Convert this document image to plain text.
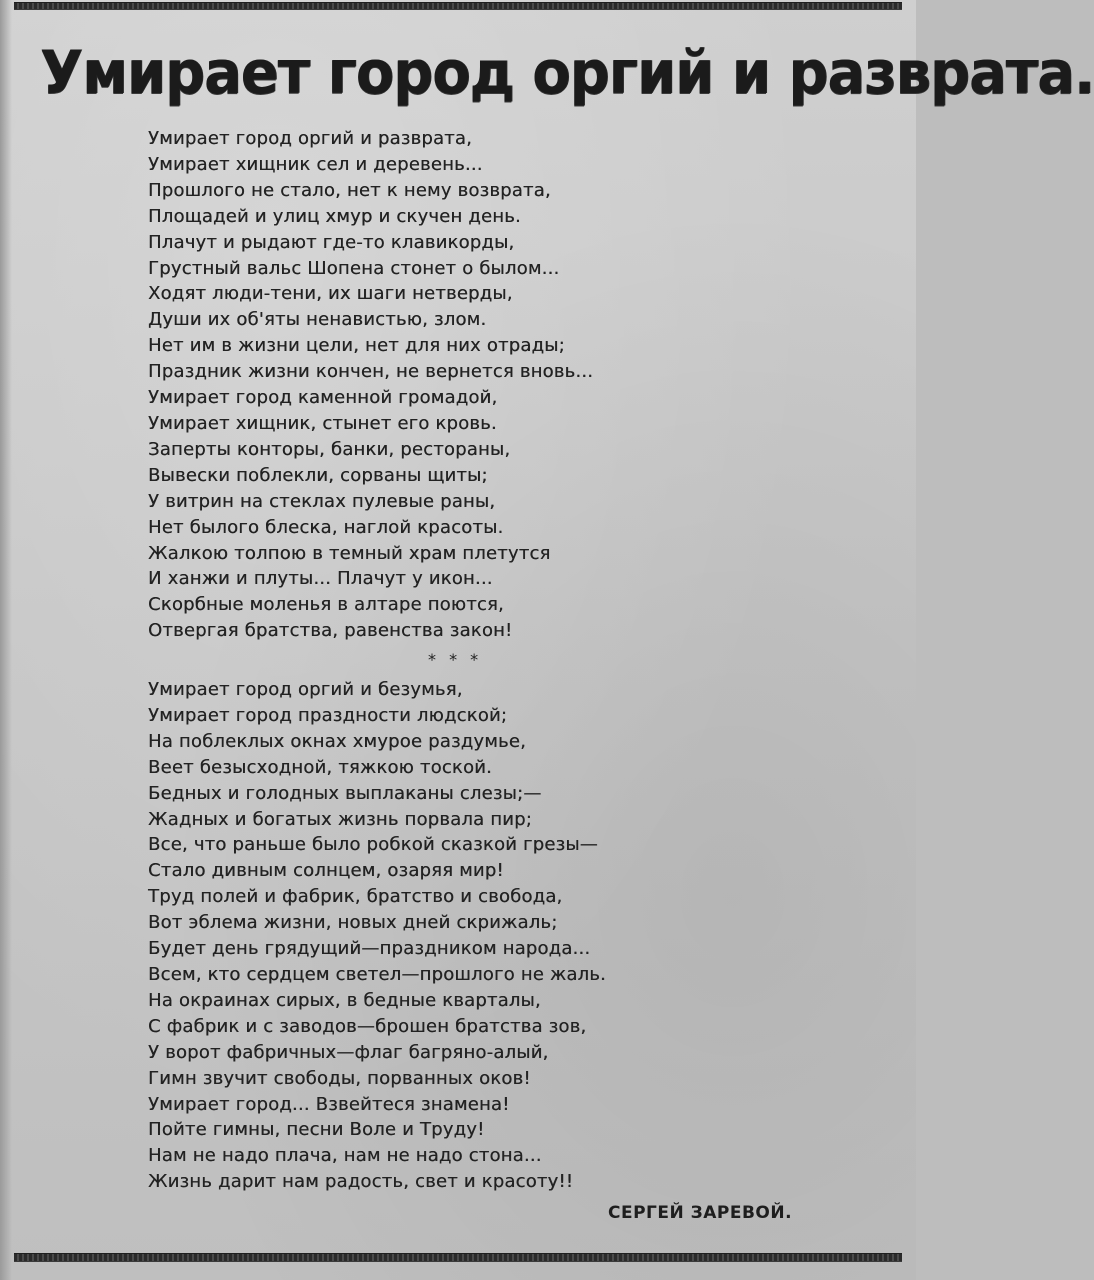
Умирает город оргий и разврата.
Умирает город оргий и разврата,
Умирает хищник сел и деревень...
Прошлого не стало, нет к нему возврата,
Площадей и улиц хмур и скучен день.
Плачут и рыдают где-то клавикорды,
Грустный вальс Шопена стонет о былом...
Ходят люди-тени, их шаги нетверды,
Души их об'яты ненавистью, злом.
Нет им в жизни цели, нет для них отрады;
Праздник жизни кончен, не вернется вновь...
Умирает город каменной громадой,
Умирает хищник, стынет его кровь.
Заперты конторы, банки, рестораны,
Вывески поблекли, сорваны щиты;
У витрин на стеклах пулевые раны,
Нет былого блеска, наглой красоты.
Жалкою толпою в темный храм плетутся
И ханжи и плуты... Плачут у икон...
Скорбные моленья в алтаре поются,
Отвергая братства, равенства закон!
* * *
Умирает город оргий и безумья,
Умирает город праздности людской;
На поблеклых окнах хмурое раздумье,
Веет безысходной, тяжкою тоской.
Бедных и голодных выплаканы слезы;—
Жадных и богатых жизнь порвала пир;
Все, что раньше было робкой сказкой грезы—
Стало дивным солнцем, озаряя мир!
Труд полей и фабрик, братство и свобода,
Вот эблема жизни, новых дней скрижаль;
Будет день грядущий—праздником народа...
Всем, кто сердцем светел—прошлого не жаль.
На окраинах сирых, в бедные кварталы,
С фабрик и с заводов—брошен братства зов,
У ворот фабричных—флаг багряно-алый,
Гимн звучит свободы, порванных оков!
Умирает город... Взвейтеся знамена!
Пойте гимны, песни Воле и Труду!
Нам не надо плача, нам не надо стона...
Жизнь дарит нам радость, свет и красоту!!
СЕРГЕЙ ЗАРЕВОЙ.
